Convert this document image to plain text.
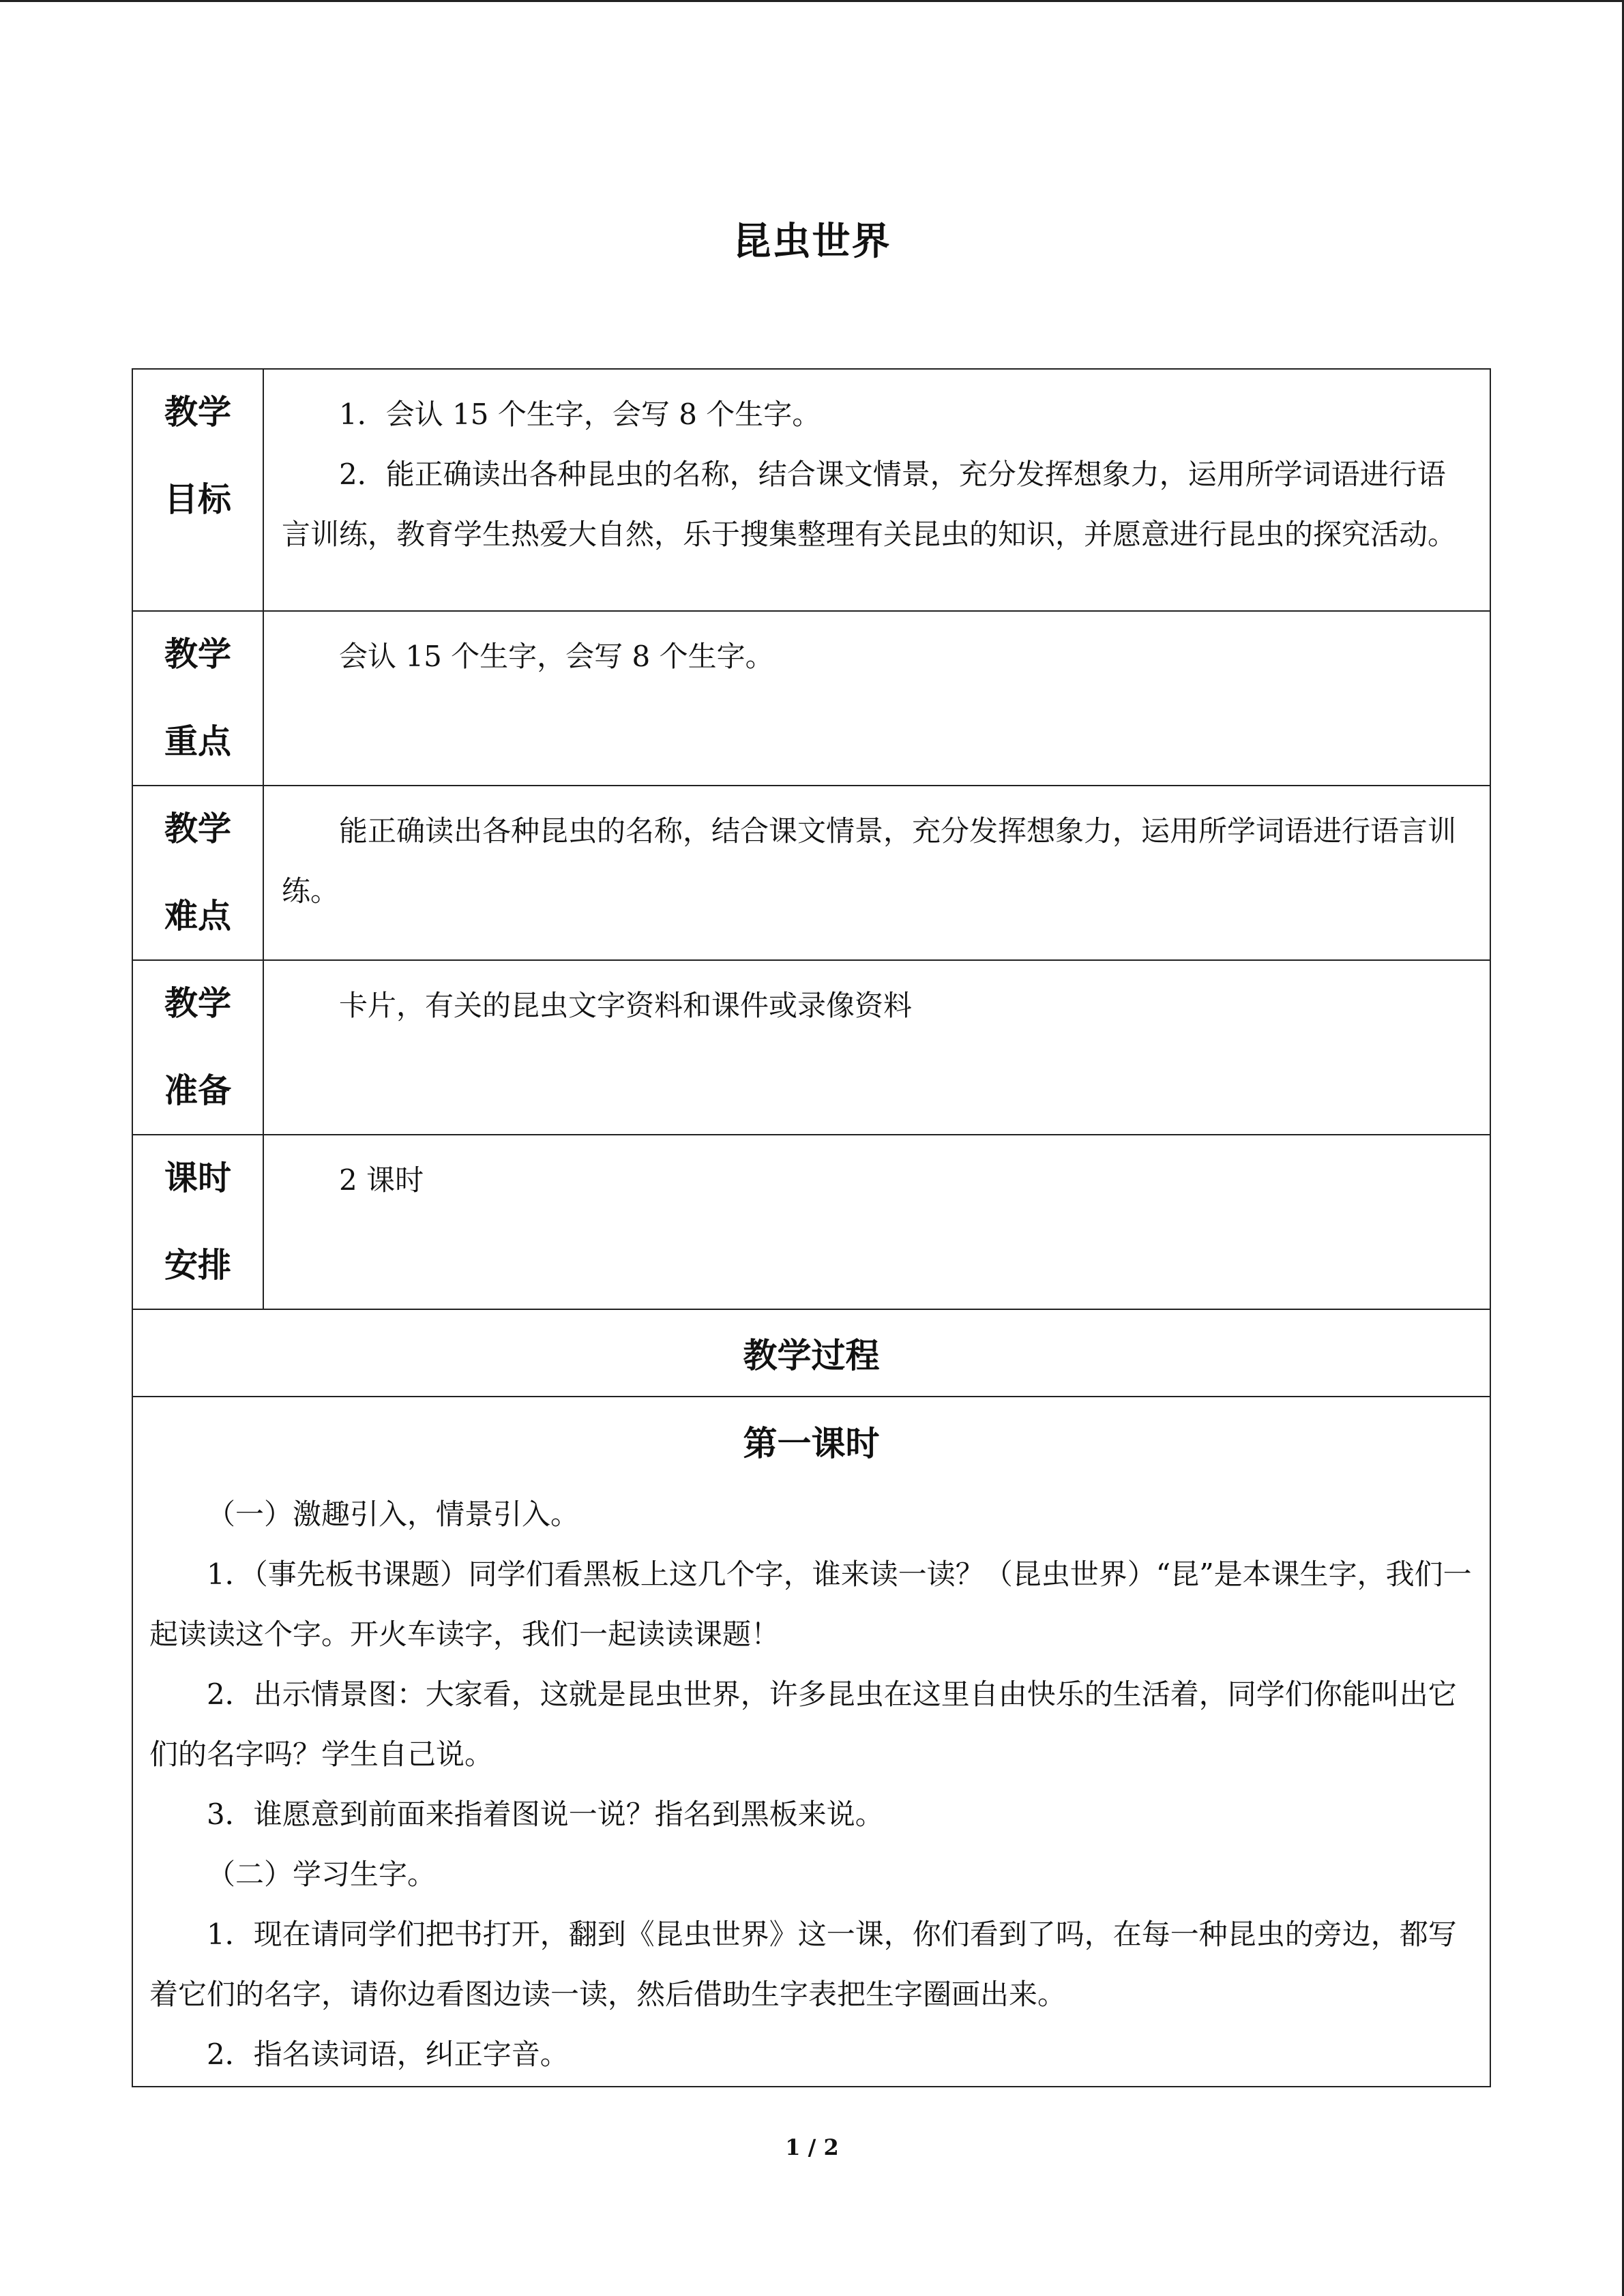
昆虫世界
教学
目标

1．会认 15 个生字，会写 8 个生字。

2．能正确读出各种昆虫的名称，结合课文情景，充分发挥想象力，运用所学词语进行语言训练，教育学生热爱大自然，乐于搜集整理有关昆虫的知识，并愿意进行昆虫的探究活动。

教学
重点

会认 15 个生字，会写 8 个生字。

教学
难点

能正确读出各种昆虫的名称，结合课文情景，充分发挥想象力，运用所学词语进行语言训练。

教学
准备

卡片，有关的昆虫文字资料和课件或录像资料

课时
安排

2 课时

教学过程
第一课时

（一）激趣引入，情景引入。

1．（事先板书课题）同学们看黑板上这几个字，谁来读一读？（昆虫世界）“昆”是本课生字，我们一起读读这个字。开火车读字，我们一起读读课题！

2．出示情景图：大家看，这就是昆虫世界，许多昆虫在这里自由快乐的生活着，同学们你能叫出它们的名字吗？学生自己说。

3．谁愿意到前面来指着图说一说？指名到黑板来说。

（二）学习生字。

1．现在请同学们把书打开，翻到《昆虫世界》这一课，你们看到了吗，在每一种昆虫的旁边，都写着它们的名字，请你边看图边读一读，然后借助生字表把生字圈画出来。

2．指名读词语，纠正字音。

1 / 2
